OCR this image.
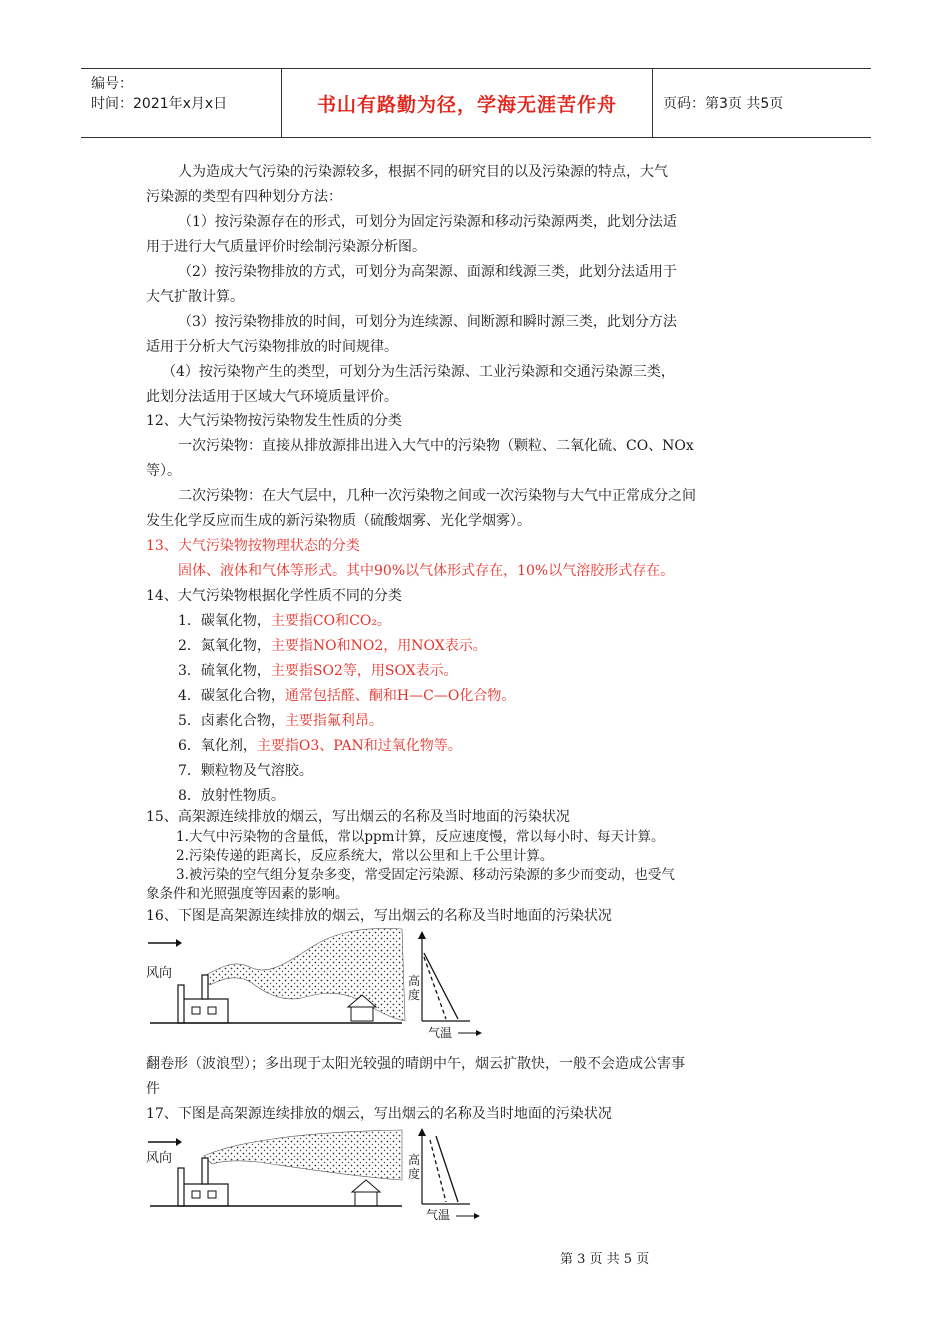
编号：
时间：2021年x月x日	书山有路勤为径，学海无涯苦作舟	页码：第3页 共5页
人为造成大气污染的污染源较多，根据不同的研究目的以及污染源的特点，大气
污染源的类型有四种划分方法：
（1）按污染源存在的形式，可划分为固定污染源和移动污染源两类，此划分法适
用于进行大气质量评价时绘制污染源分析图。
（2）按污染物排放的方式，可划分为高架源、面源和线源三类，此划分法适用于
大气扩散计算。
（3）按污染物排放的时间，可划分为连续源、间断源和瞬时源三类，此划分方法
适用于分析大气污染物排放的时间规律。
（4）按污染物产生的类型，可划分为生活污染源、工业污染源和交通污染源三类，
此划分法适用于区域大气环境质量评价。
12、大气污染物按污染物发生性质的分类
一次污染物：直接从排放源排出进入大气中的污染物（颗粒、二氧化硫、CO、NOx
等）。
二次污染物：在大气层中，几种一次污染物之间或一次污染物与大气中正常成分之间
发生化学反应而生成的新污染物质（硫酸烟雾、光化学烟雾）。
13、大气污染物按物理状态的分类
固体、液体和气体等形式。其中90%以气体形式存在，10%以气溶胶形式存在。
14、大气污染物根据化学性质不同的分类
1．碳氧化物，主要指CO和CO₂。
2．氮氧化物，主要指NO和NO2，用NOX表示。
3．硫氧化物，主要指SO2等，用SOX表示。
4．碳氢化合物，通常包括醛、酮和H—C—O化合物。
5．卤素化合物，主要指氟利昂。
6．氧化剂，主要指O3、PAN和过氧化物等。
7．颗粒物及气溶胶。
8．放射性物质。
15、高架源连续排放的烟云，写出烟云的名称及当时地面的污染状况
1.大气中污染物的含量低，常以ppm计算，反应速度慢，常以每小时、每天计算。
2.污染传递的距离长，反应系统大，常以公里和上千公里计算。
3.被污染的空气组分复杂多变，常受固定污染源、移动污染源的多少而变动，也受气
象条件和光照强度等因素的影响。
16、下图是高架源连续排放的烟云，写出烟云的名称及当时地面的污染状况
风向	高度
气温
翻卷形（波浪型）；多出现于太阳光较强的晴朗中午，烟云扩散快，一般不会造成公害事
件
17、下图是高架源连续排放的烟云，写出烟云的名称及当时地面的污染状况
风向	高度
气温
第 3 页 共 5 页
